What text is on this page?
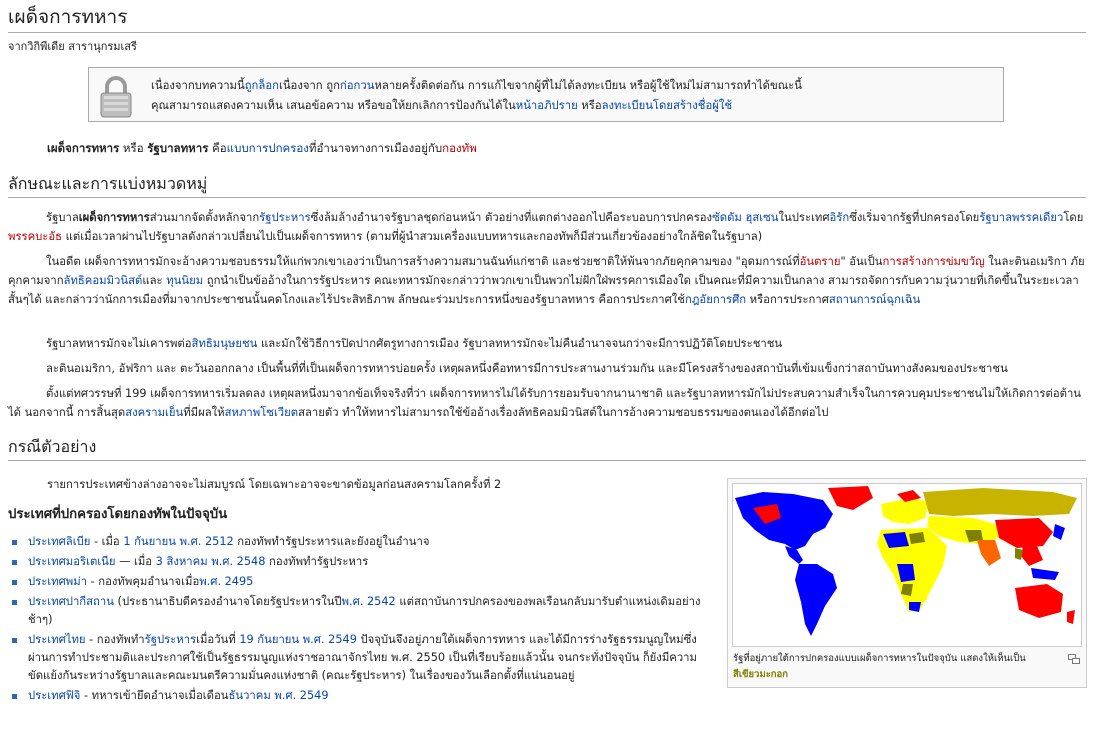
เผด็จการทหาร
จากวิกิพีเดีย สารานุกรมเสรี
เนื่องจากบทความนี้ถูกล็อกเนื่องจาก ถูกก่อกวนหลายครั้งติดต่อกัน การแก้ไขจากผู้ที่ไม่ได้ลงทะเบียน หรือผู้ใช้ใหม่ไม่สามารถทำได้ขณะนี้
คุณสามารถแสดงความเห็น เสนอข้อความ หรือขอให้ยกเลิกการป้องกันได้ในหน้าอภิปราย หรือลงทะเบียนโดยสร้างชื่อผู้ใช้
เผด็จการทหาร หรือ รัฐบาลทหาร คือแบบการปกครองที่อำนาจทางการเมืองอยู่กับกองทัพ
ลักษณะและการแบ่งหมวดหมู่

รัฐบาลเผด็จการทหารส่วนมากจัดตั้งหลักจากรัฐประหารซึ่งล้มล้างอำนาจรัฐบาลชุดก่อนหน้า ตัวอย่างที่แตกต่างออกไปคือระบอบการปกครองซัดดัม ฮุสเซนในประเทศอิรักซึ่งเริ่มจากรัฐที่ปกครองโดยรัฐบาลพรรคเดียวโดยพรรคบะอัธ แต่เมื่อเวลาผ่านไปรัฐบาลดังกล่าวเปลี่ยนไปเป็นเผด็จการทหาร (ตามที่ผู้นำสวมเครื่องแบบทหารและกองทัพก็มีส่วนเกี่ยวข้องอย่างใกล้ชิดในรัฐบาล)

ในอดีต เผด็จการทหารมักจะอ้างความชอบธรรมให้แก่พวกเขาเองว่าเป็นการสร้างความสมานฉันท์แก่ชาติ และช่วยชาติให้พ้นจากภัยคุกคามของ "อุดมการณ์ที่อันตราย" อันเป็นการสร้างการข่มขวัญ ในละตินอเมริกา ภัยคุกคามจากลัทธิคอมมิวนิสต์และ ทุนนิยม ถูกนำเป็นข้ออ้างในการรัฐประหาร คณะทหารมักจะกล่าวว่าพวกเขาเป็นพวกไม่ฝักใฝ่พรรคการเมืองใด เป็นคณะที่มีความเป็นกลาง สามารถจัดการกับความวุ่นวายที่เกิดขึ้นในระยะเวลาสั้นๆได้ และกล่าวว่านักการเมืองที่มาจากประชาชนนั้นคดโกงและไร้ประสิทธิภาพ ลักษณะร่วมประการหนึ่งของรัฐบาลทหาร คือการประกาศใช้กฎอัยการศึก หรือการประกาศสถานการณ์ฉุกเฉิน

รัฐบาลทหารมักจะไม่เคารพต่อสิทธิมนุษยชน และมักใช้วิธีการปิดปากศัตรูทางการเมือง รัฐบาลทหารมักจะไม่คืนอำนาจจนกว่าจะมีการปฏิวัติโดยประชาชน

ละตินอเมริกา, อัฟริกา และ ตะวันออกกลาง เป็นพื้นที่ที่เป็นเผด็จการทหารบ่อยครั้ง เหตุผลหนึ่งคือทหารมีการประสานงานร่วมกัน และมีโครงสร้างของสถาบันที่เข้มแข็งกว่าสถาบันทางสังคมของประชาชน

ตั้งแต่ทศวรรษที่ 199 เผด็จการทหารเริ่มลดลง เหตุผลหนึ่งมาจากข้อเท็จจริงที่ว่า เผด็จการทหารไม่ได้รับการยอมรับจากนานาชาติ และรัฐบาลทหารมักไม่ประสบความสำเร็จในการควบคุมประชาชนไม่ให้เกิดการต่อต้านได้ นอกจากนี้ การสิ้นสุดสงครามเย็นที่มีผลให้สหภาพโซเวียตสลายตัว ทำให้ทหารไม่สามารถใช้ข้ออ้างเรื่องลัทธิคอมมิวนิสต์ในการอ้างความชอบธรรมของตนเองได้อีกต่อไป

กรณีตัวอย่าง
รายการประเทศข้างล่างอาจจะไม่สมบูรณ์ โดยเฉพาะอาจจะขาดข้อมูลก่อนสงครามโลกครั้งที่ 2
ประเทศที่ปกครองโดยกองทัพในปัจจุบัน
ประเทศลิเบีย - เมื่อ 1 กันยายน พ.ศ. 2512 กองทัพทำรัฐประหารและยังอยู่ในอำนาจ
ประเทศมอริเตเนีย — เมื่อ 3 สิงหาคม พ.ศ. 2548 กองทัพทำรัฐประหาร
ประเทศพม่า - กองทัพคุมอำนาจเมื่อพ.ศ. 2495
ประเทศปากีสถาน (ประธานาธิบดีครองอำนาจโดยรัฐประหารในปีพ.ศ. 2542 แต่สถาบันการปกครองของพลเรือนกลับมารับตำแหน่งเดิมอย่างช้าๆ)
ประเทศไทย - กองทัพทำรัฐประหารเมื่อวันที่ 19 กันยายน พ.ศ. 2549 ปัจจุบันจึงอยู่ภายใต้เผด็จการทหาร และได้มีการร่างรัฐธรรมนูญใหม่ซึ่งผ่านการทำประชามติและประกาศใช้เป็นรัฐธรรมนูญแห่งราชอาณาจักรไทย พ.ศ. 2550 เป็นที่เรียบร้อยแล้วนั้น จนกระทั่งปัจจุบัน ก็ยังมีความขัดแย้งกันระหว่างรัฐบาลและคณะมนตรีความมั่นคงแห่งชาติ (คณะรัฐประหาร) ในเรื่องของวันเลือกตั้งที่แน่นอนอยู่
ประเทศฟิจิ - ทหารเข้ายึดอำนาจเมื่อเดือนธันวาคม พ.ศ. 2549
รัฐที่อยู่ภายใต้การปกครองแบบเผด็จการทหารในปัจจุบัน แสดงให้เห็นเป็น
สีเขียวมะกอก
